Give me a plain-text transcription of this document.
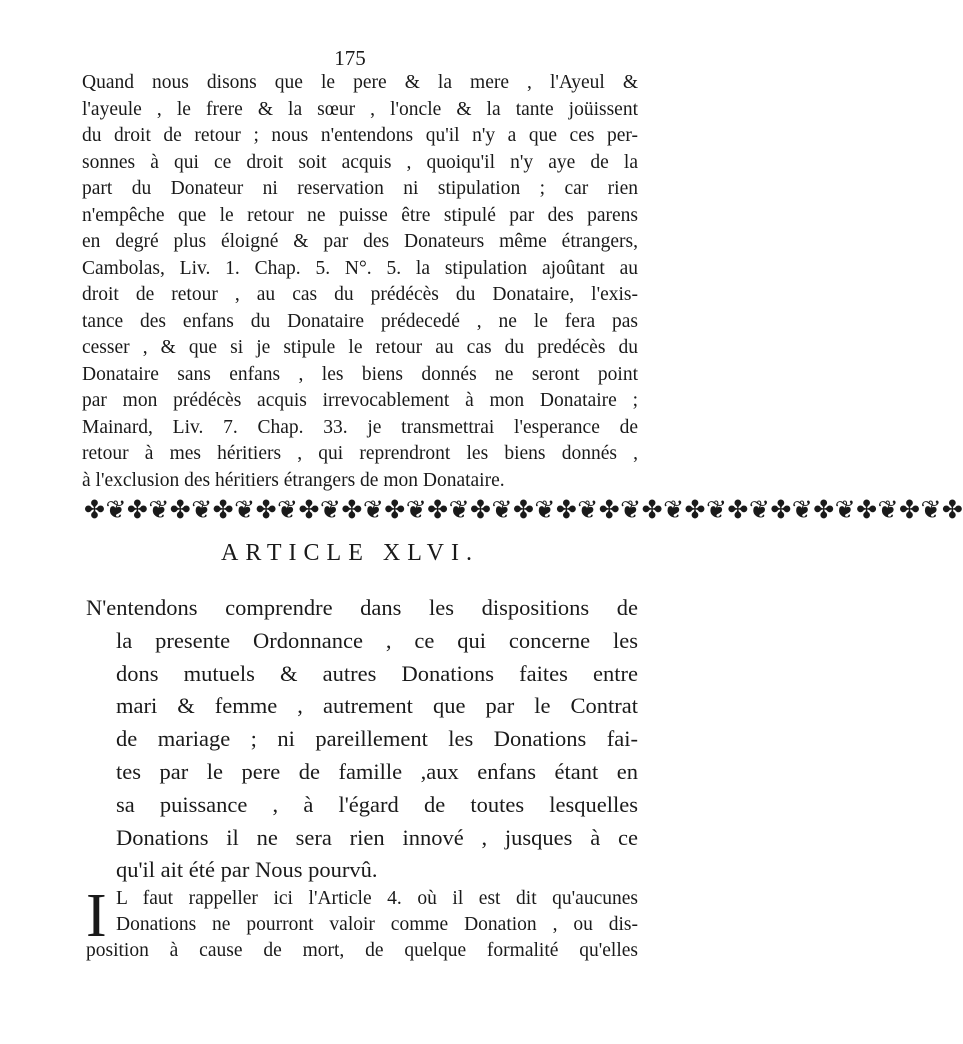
175
Quand nous disons que le pere & la mere , l'Ayeul &
l'ayeule , le frere & la sœur , l'oncle & la tante joüissent
du droit de retour ; nous n'entendons qu'il n'y a que ces per-
sonnes à qui ce droit soit acquis , quoiqu'il n'y aye de la
part du Donateur ni reservation ni stipulation ; car rien
n'empêche que le retour ne puisse être stipulé par des parens
en degré plus éloigné & par des Donateurs même étrangers,
Cambolas, Liv. 1. Chap. 5. N°. 5. la stipulation ajoûtant au
droit de retour , au cas du prédécès du Donataire, l'exis-
tance des enfans du Donataire prédecedé , ne le fera pas
cesser , & que si je stipule le retour au cas du predécès du
Donataire sans enfans , les biens donnés ne seront point
par mon prédécès acquis irrevocablement à mon Donataire ;
Mainard, Liv. 7. Chap. 33. je transmettrai l'esperance de
retour à mes héritiers , qui reprendront les biens donnés ,
à l'exclusion des héritiers étrangers de mon Donataire.
✤❦✤❦✤❦✤❦✤❦✤❦✤❦✤❦✤❦✤❦✤❦✤❦✤❦✤❦✤❦✤❦✤❦✤❦✤❦✤❦✤
ARTICLE XLVI.
N'entendons comprendre dans les dispositions de
la presente Ordonnance , ce qui concerne les
dons mutuels & autres Donations faites entre
mari & femme , autrement que par le Contrat
de mariage ; ni pareillement les Donations fai-
tes par le pere de famille ,aux enfans étant en
sa puissance , à l'égard de toutes lesquelles
Donations il ne sera rien innové , jusques à ce
qu'il ait été par Nous pourvû.
I L faut rappeller ici l'Article 4. où il est dit qu'aucunes
Donations ne pourront valoir comme Donation , ou dis-
position à cause de mort, de quelque formalité qu'elles
